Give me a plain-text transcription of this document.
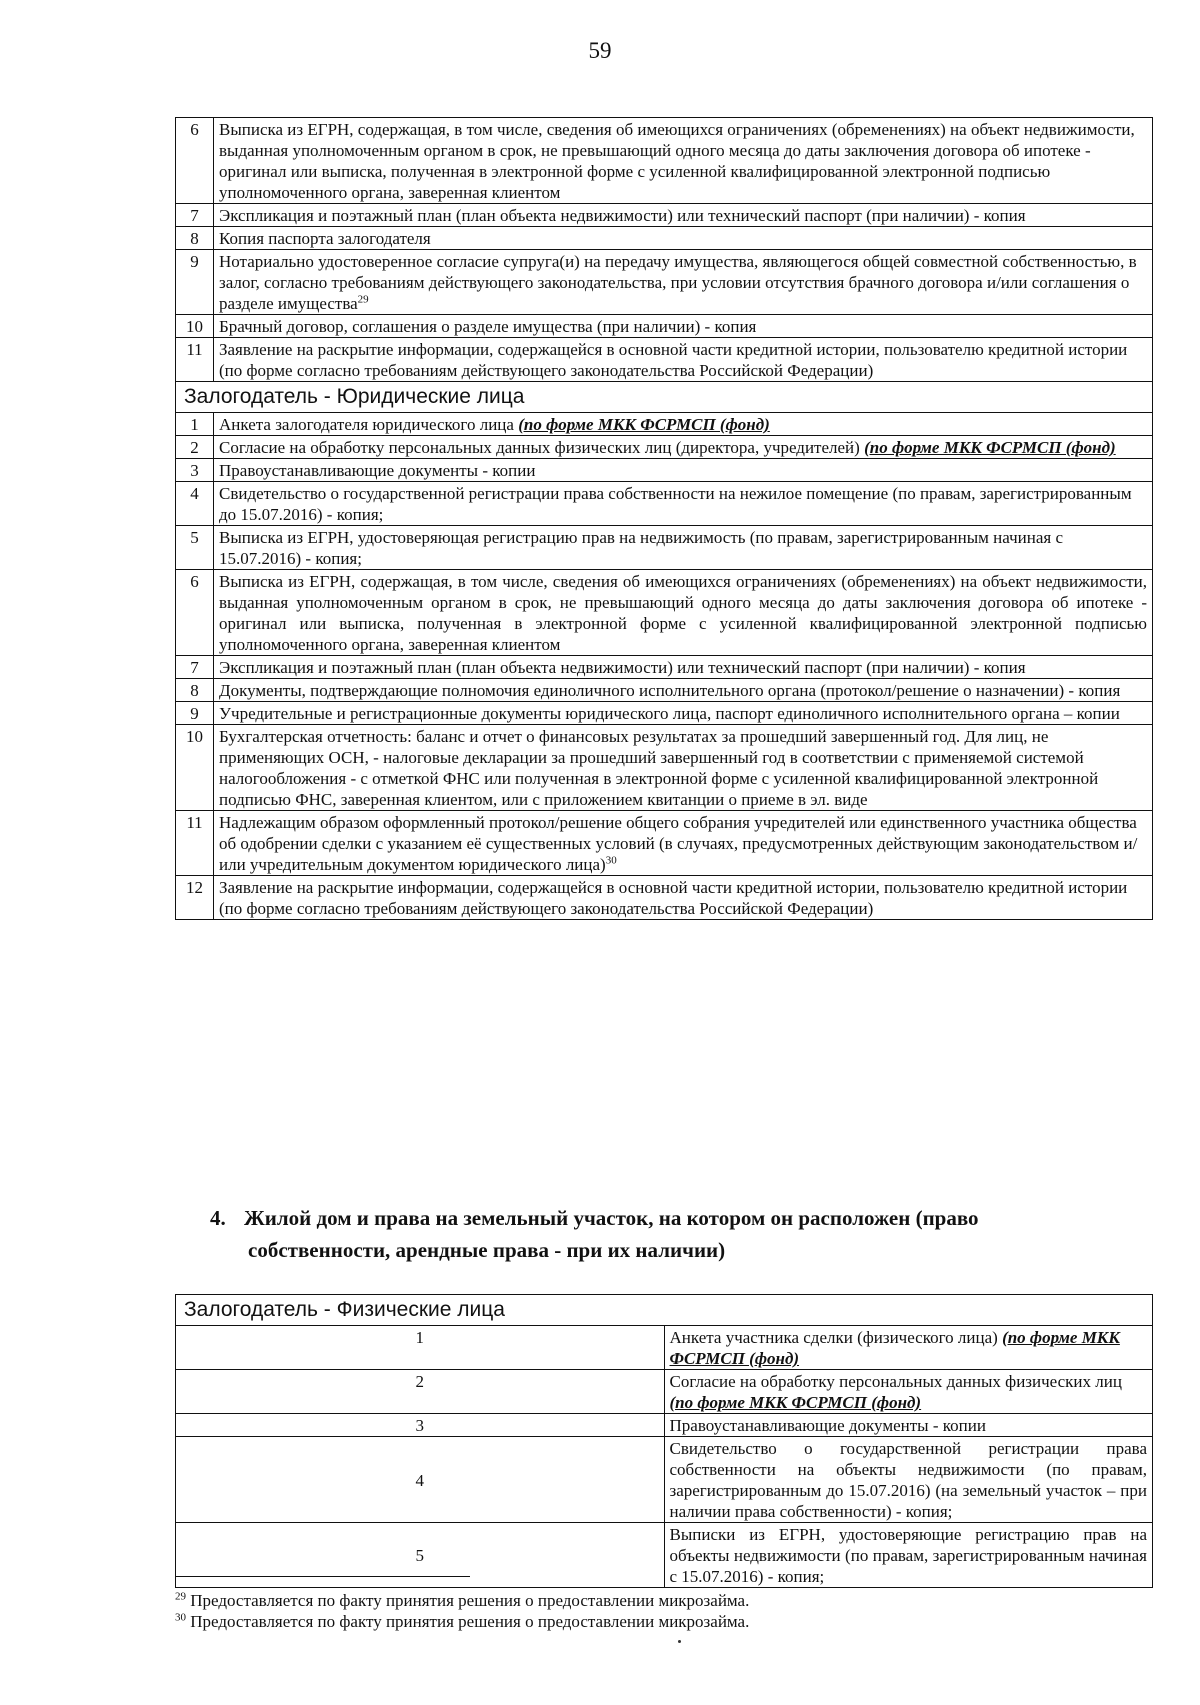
59
6	Выписка из ЕГРН, содержащая, в том числе, сведения об имеющихся ограничениях (обременениях) на объект недвижимости, выданная уполномоченным органом в срок, не превышающий одного месяца до даты заключения договора об ипотеке - оригинал или выписка, полученная в электронной форме с усиленной квалифицированной электронной подписью уполномоченного органа, заверенная клиентом
7	Экспликация и поэтажный план (план объекта недвижимости) или технический паспорт (при наличии) - копия
8	Копия паспорта залогодателя
9	Нотариально удостоверенное согласие супруга(и) на передачу имущества, являющегося общей совместной собственностью, в залог, согласно требованиям действующего законодательства, при условии отсутствия брачного договора и/или соглашения о разделе имущества$^{29}$
10	Брачный договор, соглашения о разделе имущества (при наличии) - копия
11	Заявление на раскрытие информации, содержащейся в основной части кредитной истории, пользователю кредитной истории (по форме согласно требованиям действующего законодательства Российской Федерации)
Залогодатель - Юридические лица	
1	Анкета залогодателя юридического лица (по форме МКК ФСРМСП (фонд)
2	Согласие на обработку персональных данных физических лиц (директора, учредителей) (по форме МКК ФСРМСП (фонд)
3	Правоустанавливающие документы - копии
4	Свидетельство о государственной регистрации права собственности на нежилое помещение (по правам, зарегистрированным до 15.07.2016) - копия;
5	Выписка из ЕГРН, удостоверяющая регистрацию прав на недвижимость (по правам, зарегистрированным начиная с 15.07.2016) - копия;
6	Выписка из ЕГРН, содержащая, в том числе, сведения об имеющихся ограничениях (обременениях) на объект недвижимости, выданная уполномоченным органом в срок, не превышающий одного месяца до даты заключения договора об ипотеке - оригинал или выписка, полученная в электронной форме с усиленной квалифицированной электронной подписью уполномоченного органа, заверенная клиентом
7	Экспликация и поэтажный план (план объекта недвижимости) или технический паспорт (при наличии) - копия
8	Документы, подтверждающие полномочия единоличного исполнительного органа (протокол/решение о назначении) - копия
9	Учредительные и регистрационные документы юридического лица, паспорт единоличного исполнительного органа – копии
10	Бухгалтерская отчетность: баланс и отчет о финансовых результатах за прошедший завершенный год. Для лиц, не применяющих ОСН, - налоговые декларации за прошедший завершенный год в соответствии с применяемой системой налогообложения - с отметкой ФНС или полученная в электронной форме с усиленной квалифицированной электронной подписью ФНС, заверенная клиентом, или с приложением квитанции о приеме в эл. виде
11	Надлежащим образом оформленный протокол/решение общего собрания учредителей или единственного участника общества об одобрении сделки с указанием её существенных условий (в случаях, предусмотренных действующим законодательством и/или учредительным документом юридического лица)$^{30}$
12	Заявление на раскрытие информации, содержащейся в основной части кредитной истории, пользователю кредитной истории (по форме согласно требованиям действующего законодательства Российской Федерации)
4. Жилой дом и права на земельный участок, на котором он расположен (право
собственности, арендные права - при их наличии)
Залогодатель - Физические лица	
1	Анкета участника сделки (физического лица) (по форме МКК ФСРМСП (фонд)
2	Согласие на обработку персональных данных физических лиц (по форме МКК ФСРМСП (фонд)
3	Правоустанавливающие документы - копии
4	Свидетельство о государственной регистрации права собственности на объекты недвижимости (по правам, зарегистрированным до 15.07.2016) (на земельный участок – при наличии права собственности) - копия;
5	Выписки из ЕГРН, удостоверяющие регистрацию прав на объекты недвижимости (по правам, зарегистрированным начиная с 15.07.2016) - копия;
$^{29}$ Предоставляется по факту принятия решения о предоставлении микрозайма.
$^{30}$ Предоставляется по факту принятия решения о предоставлении микрозайма.
